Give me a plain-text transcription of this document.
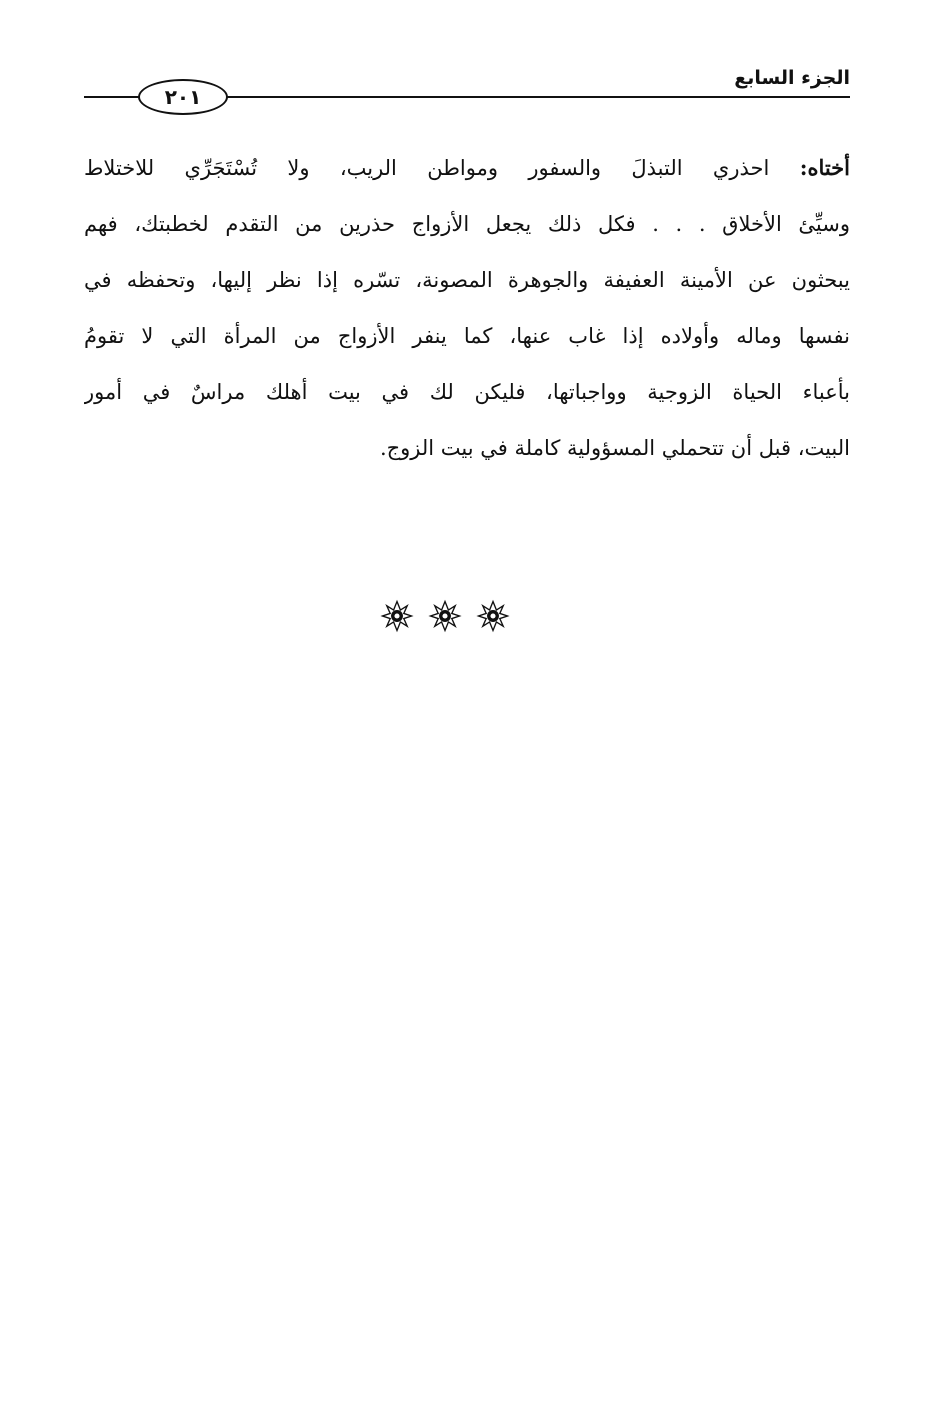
الجزء السابع
٢٠١
أختاه: احذري التبذلَ والسفور ومواطن الريب، ولا تُسْتَجَرِّي للاختلاط
وسيِّئ الأخلاق . . . فكل ذلك يجعل الأزواج حذرين من التقدم لخطبتك، فهم
يبحثون عن الأمينة العفيفة والجوهرة المصونة، تسّره إذا نظر إليها، وتحفظه في
نفسها وماله وأولاده إذا غاب عنها، كما ينفر الأزواج من المرأة التي لا تقومُ
بأعباء الحياة الزوجية وواجباتها، فليكن لك في بيت أهلك مراسٌ في أمور
البيت، قبل أن تتحملي المسؤولية كاملة في بيت الزوج.
